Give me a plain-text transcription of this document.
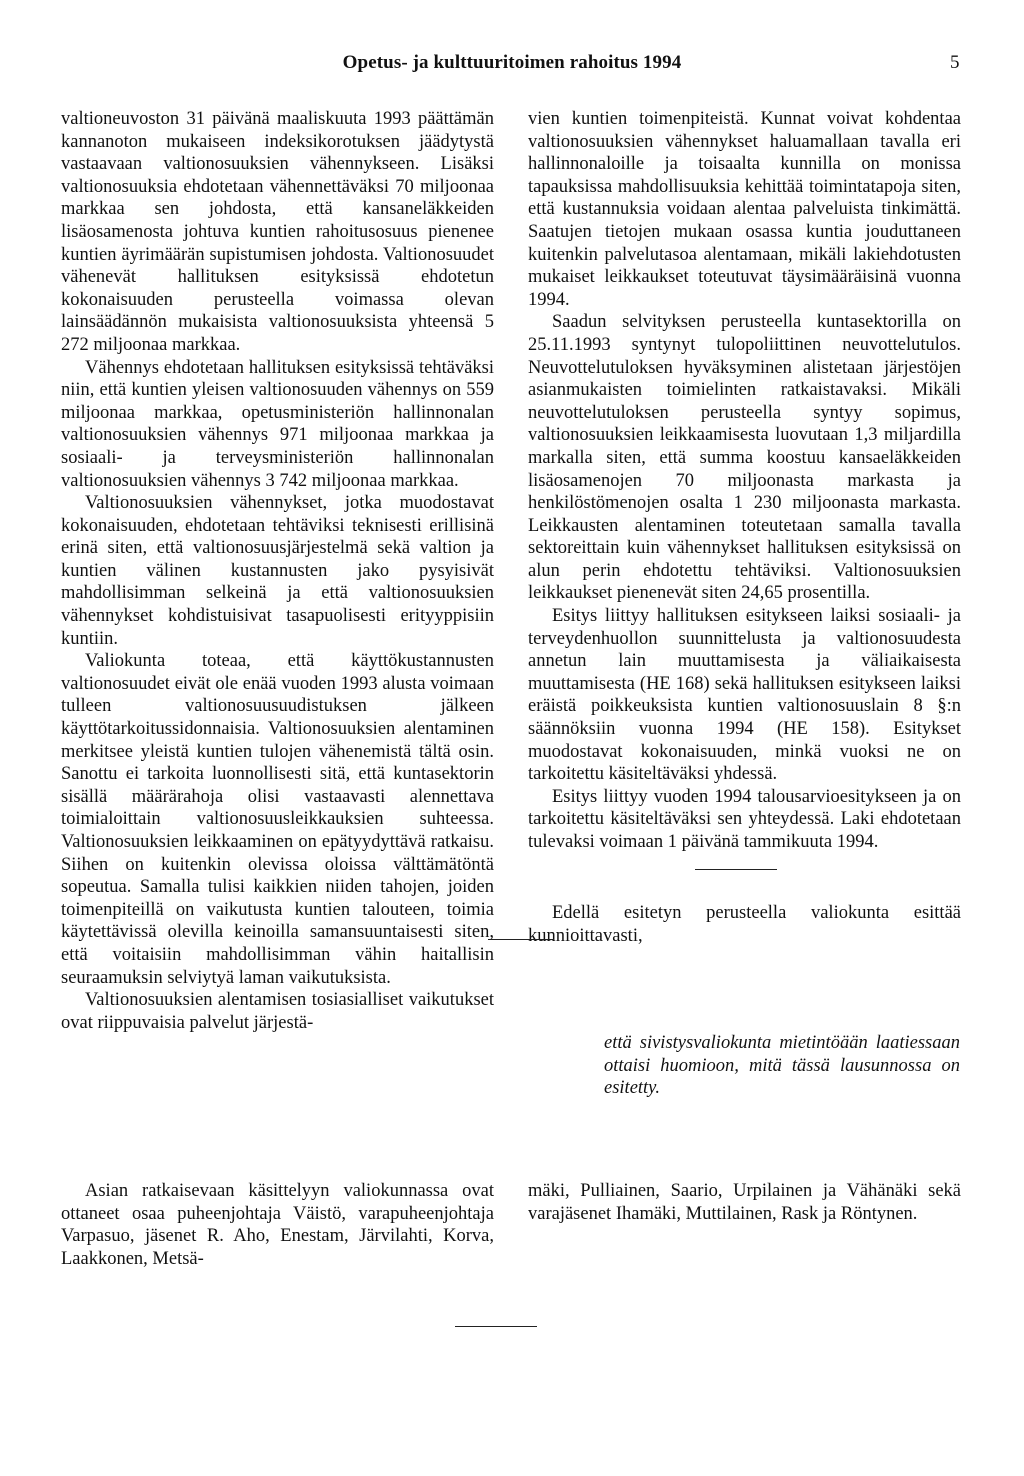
Opetus- ja kulttuuritoimen rahoitus 1994	5

valtioneuvoston 31 päivänä maaliskuuta 1993 päättämän kannanoton mukaiseen indeksikorotuksen jäädytystä vastaavaan valtionosuuksien vähennykseen. Lisäksi valtionosuuksia ehdotetaan vähennettäväksi 70 miljoonaa markkaa sen johdosta, että kansaneläkkeiden lisäosamenosta johtuva kuntien rahoitusosuus pienenee kuntien äyrimäärän supistumisen johdosta. Valtionosuudet vähenevät hallituksen esityksissä ehdotetun kokonaisuuden perusteella voimassa olevan lainsäädännön mukaisista valtionosuuksista yhteensä 5 272 miljoonaa markkaa.

Vähennys ehdotetaan hallituksen esityksissä tehtäväksi niin, että kuntien yleisen valtionosuuden vähennys on 559 miljoonaa markkaa, opetusministeriön hallinnonalan valtionosuuksien vähennys 971 miljoonaa markkaa ja sosiaali- ja terveysministeriön hallinnonalan valtionosuuksien vähennys 3 742 miljoonaa markkaa.

Valtionosuuksien vähennykset, jotka muodostavat kokonaisuuden, ehdotetaan tehtäviksi teknisesti erillisinä erinä siten, että valtionosuusjärjestelmä sekä valtion ja kuntien välinen kustannusten jako pysyisivät mahdollisimman selkeinä ja että valtionosuuksien vähennykset kohdistuisivat tasapuolisesti erityyppisiin kuntiin.

Valiokunta toteaa, että käyttökustannusten valtionosuudet eivät ole enää vuoden 1993 alusta voimaan tulleen valtionosuusuudistuksen jälkeen käyttötarkoitussidonnaisia. Valtionosuuksien alentaminen merkitsee yleistä kuntien tulojen vähenemistä tältä osin. Sanottu ei tarkoita luonnollisesti sitä, että kuntasektorin sisällä määrärahoja olisi vastaavasti alennettava toimialoittain valtionosuusleikkauksien suhteessa. Valtionosuuksien leikkaaminen on epätyydyttävä ratkaisu. Siihen on kuitenkin olevissa oloissa välttämätöntä sopeutua. Samalla tulisi kaikkien niiden tahojen, joiden toimenpiteillä on vaikutusta kuntien talouteen, toimia käytettävissä olevilla keinoilla samansuuntaisesti siten, että voitaisiin mahdollisimman vähin haitallisin seuraamuksin selviytyä laman vaikutuksista.

Valtionosuuksien alentamisen tosiasialliset vaikutukset ovat riippuvaisia palvelut järjestä-

vien kuntien toimenpiteistä. Kunnat voivat kohdentaa valtionosuuksien vähennykset haluamallaan tavalla eri hallinnonaloille ja toisaalta kunnilla on monissa tapauksissa mahdollisuuksia kehittää toimintatapoja siten, että kustannuksia voidaan alentaa palveluista tinkimättä. Saatujen tietojen mukaan osassa kuntia jouduttaneen kuitenkin palvelutasoa alentamaan, mikäli lakiehdotusten mukaiset leikkaukset toteutuvat täysimääräisinä vuonna 1994.

Saadun selvityksen perusteella kuntasektorilla on 25.11.1993 syntynyt tulopoliittinen neuvottelutulos. Neuvottelutuloksen hyväksyminen alistetaan järjestöjen asianmukaisten toimielinten ratkaistavaksi. Mikäli neuvottelutuloksen perusteella syntyy sopimus, valtionosuuksien leikkaamisesta luovutaan 1,3 miljardilla markalla siten, että summa koostuu kansaeläkkeiden lisäosamenojen 70 miljoonasta markasta ja henkilöstömenojen osalta 1 230 miljoonasta markasta. Leikkausten alentaminen toteutetaan samalla tavalla sektoreittain kuin vähennykset hallituksen esityksissä on alun perin ehdotettu tehtäviksi. Valtionosuuksien leikkaukset pienenevät siten 24,65 prosentilla.

Esitys liittyy hallituksen esitykseen laiksi sosiaali- ja terveydenhuollon suunnittelusta ja valtionosuudesta annetun lain muuttamisesta ja väliaikaisesta muuttamisesta (HE 168) sekä hallituksen esitykseen laiksi eräistä poikkeuksista kuntien valtionosuuslain 8 §:n säännöksiin vuonna 1994 (HE 158). Esitykset muodostavat kokonaisuuden, minkä vuoksi ne on tarkoitettu käsiteltäväksi yhdessä.

Esitys liittyy vuoden 1994 talousarvioesitykseen ja on tarkoitettu käsiteltäväksi sen yhteydessä. Laki ehdotetaan tulevaksi voimaan 1 päivänä tammikuuta 1994.

Edellä esitetyn perusteella valiokunta esittää kunnioittavasti,
että sivistysvaliokunta mietintöään laatiessaan ottaisi huomioon, mitä tässä lausunnossa on esitetty.
Asian ratkaisevaan käsittelyyn valiokunnassa ovat ottaneet osaa puheenjohtaja Väistö, varapuheenjohtaja Varpasuo, jäsenet R. Aho, Enestam, Järvilahti, Korva, Laakkonen, Metsä-
mäki, Pulliainen, Saario, Urpilainen ja Vähänäki sekä varajäsenet Ihamäki, Muttilainen, Rask ja Röntynen.
